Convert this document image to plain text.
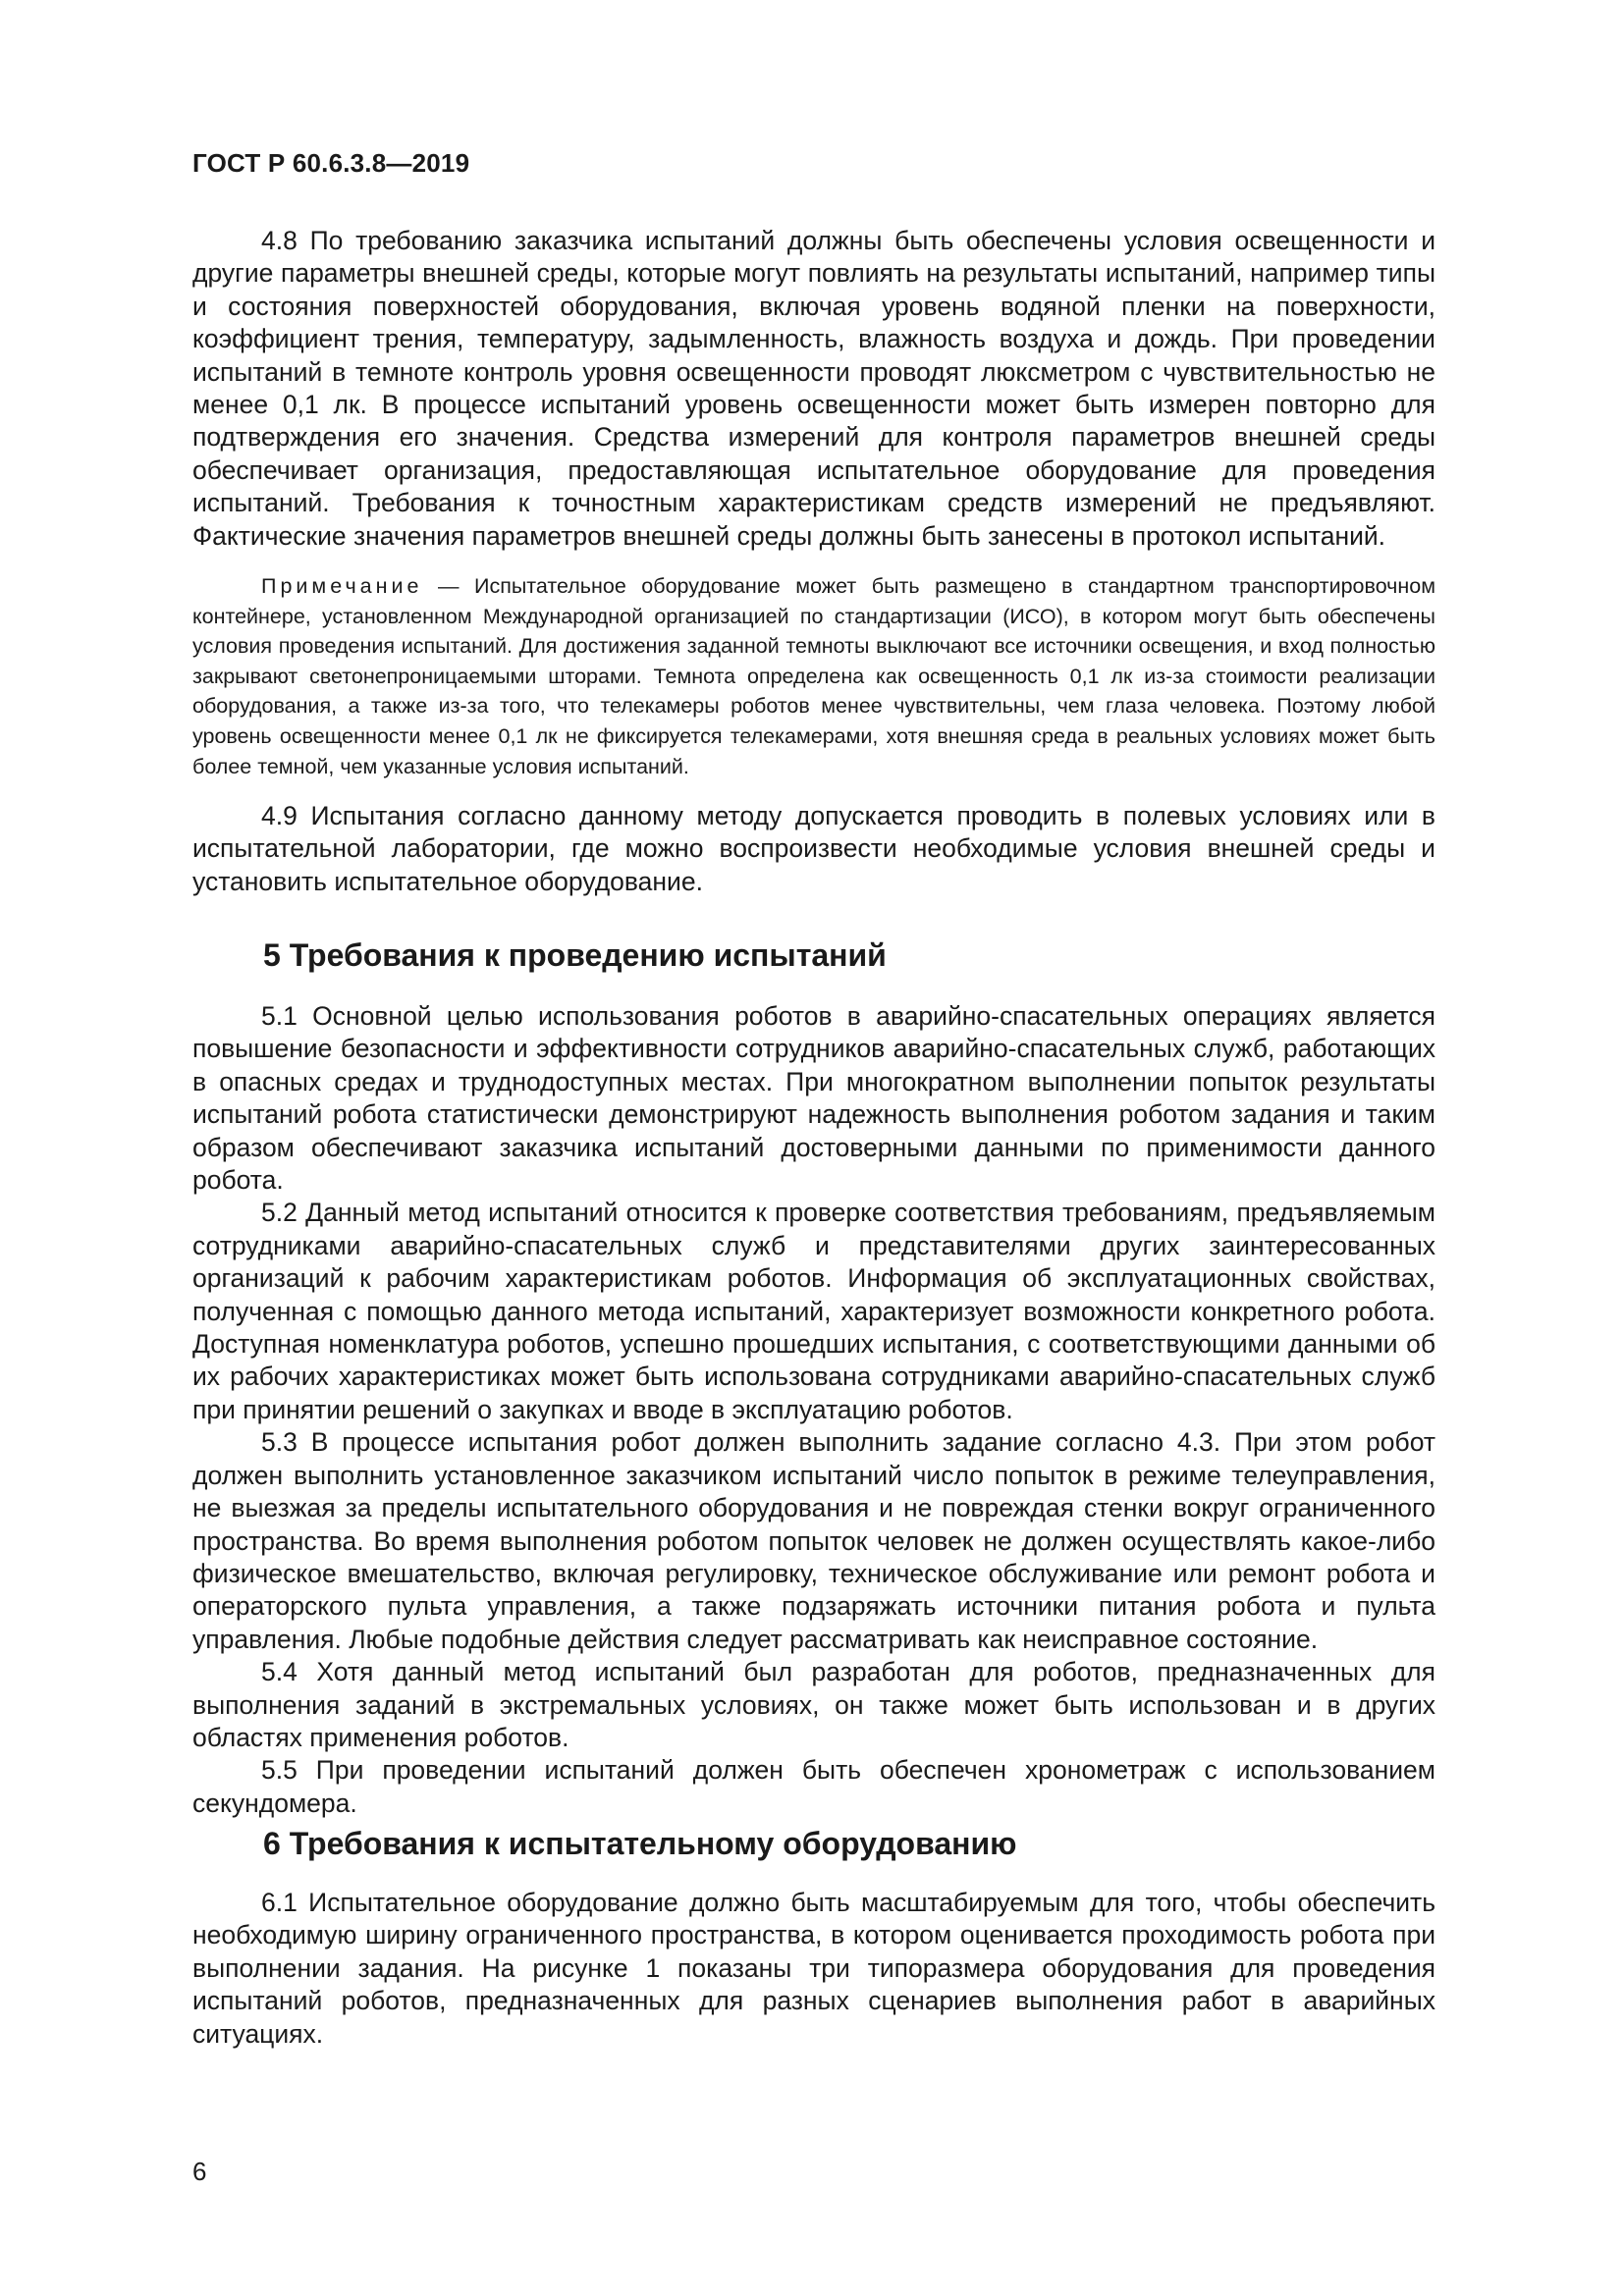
ГОСТ Р 60.6.3.8—2019

4.8 По требованию заказчика испытаний должны быть обеспечены условия освещенности и другие параметры внешней среды, которые могут повлиять на результаты испытаний, например типы и состояния поверхностей оборудования, включая уровень водяной пленки на поверхности, коэффициент трения, температуру, задымленность, влажность воздуха и дождь. При проведении испытаний в темноте контроль уровня освещенности проводят люксметром с чувствительностью не менее 0,1 лк. В процессе испытаний уровень освещенности может быть измерен повторно для подтверждения его значения. Средства измерений для контроля параметров внешней среды обеспечивает организация, предоставляющая испытательное оборудование для проведения испытаний. Требования к точностным характеристикам средств измерений не предъявляют. Фактические значения параметров внешней среды должны быть занесены в протокол испытаний.

Примечание — Испытательное оборудование может быть размещено в стандартном транспортировочном контейнере, установленном Международной организацией по стандартизации (ИСО), в котором могут быть обеспечены условия проведения испытаний. Для достижения заданной темноты выключают все источники освещения, и вход полностью закрывают светонепроницаемыми шторами. Темнота определена как освещенность 0,1 лк из-за стоимости реализации оборудования, а также из-за того, что телекамеры роботов менее чувствительны, чем глаза человека. Поэтому любой уровень освещенности менее 0,1 лк не фиксируется телекамерами, хотя внешняя среда в реальных условиях может быть более темной, чем указанные условия испытаний.

4.9 Испытания согласно данному методу допускается проводить в полевых условиях или в испытательной лаборатории, где можно воспроизвести необходимые условия внешней среды и установить испытательное оборудование.

5 Требования к проведению испытаний

5.1 Основной целью использования роботов в аварийно-спасательных операциях является повышение безопасности и эффективности сотрудников аварийно-спасательных служб, работающих в опасных средах и труднодоступных местах. При многократном выполнении попыток результаты испытаний робота статистически демонстрируют надежность выполнения роботом задания и таким образом обеспечивают заказчика испытаний достоверными данными по применимости данного робота.

5.2 Данный метод испытаний относится к проверке соответствия требованиям, предъявляемым сотрудниками аварийно-спасательных служб и представителями других заинтересованных организаций к рабочим характеристикам роботов. Информация об эксплуатационных свойствах, полученная с помощью данного метода испытаний, характеризует возможности конкретного робота. Доступная номенклатура роботов, успешно прошедших испытания, с соответствующими данными об их рабочих характеристиках может быть использована сотрудниками аварийно-спасательных служб при принятии решений о закупках и вводе в эксплуатацию роботов.

5.3 В процессе испытания робот должен выполнить задание согласно 4.3. При этом робот должен выполнить установленное заказчиком испытаний число попыток в режиме телеуправления, не выезжая за пределы испытательного оборудования и не повреждая стенки вокруг ограниченного пространства. Во время выполнения роботом попыток человек не должен осуществлять какое-либо физическое вмешательство, включая регулировку, техническое обслуживание или ремонт робота и операторского пульта управления, а также подзаряжать источники питания робота и пульта управления. Любые подобные действия следует рассматривать как неисправное состояние.

5.4 Хотя данный метод испытаний был разработан для роботов, предназначенных для выполнения заданий в экстремальных условиях, он также может быть использован и в других областях применения роботов.

5.5 При проведении испытаний должен быть обеспечен хронометраж с использованием секундомера.

6 Требования к испытательному оборудованию

6.1 Испытательное оборудование должно быть масштабируемым для того, чтобы обеспечить необходимую ширину ограниченного пространства, в котором оценивается проходимость робота при выполнении задания. На рисунке 1 показаны три типоразмера оборудования для проведения испытаний роботов, предназначенных для разных сценариев выполнения работ в аварийных ситуациях.

6
